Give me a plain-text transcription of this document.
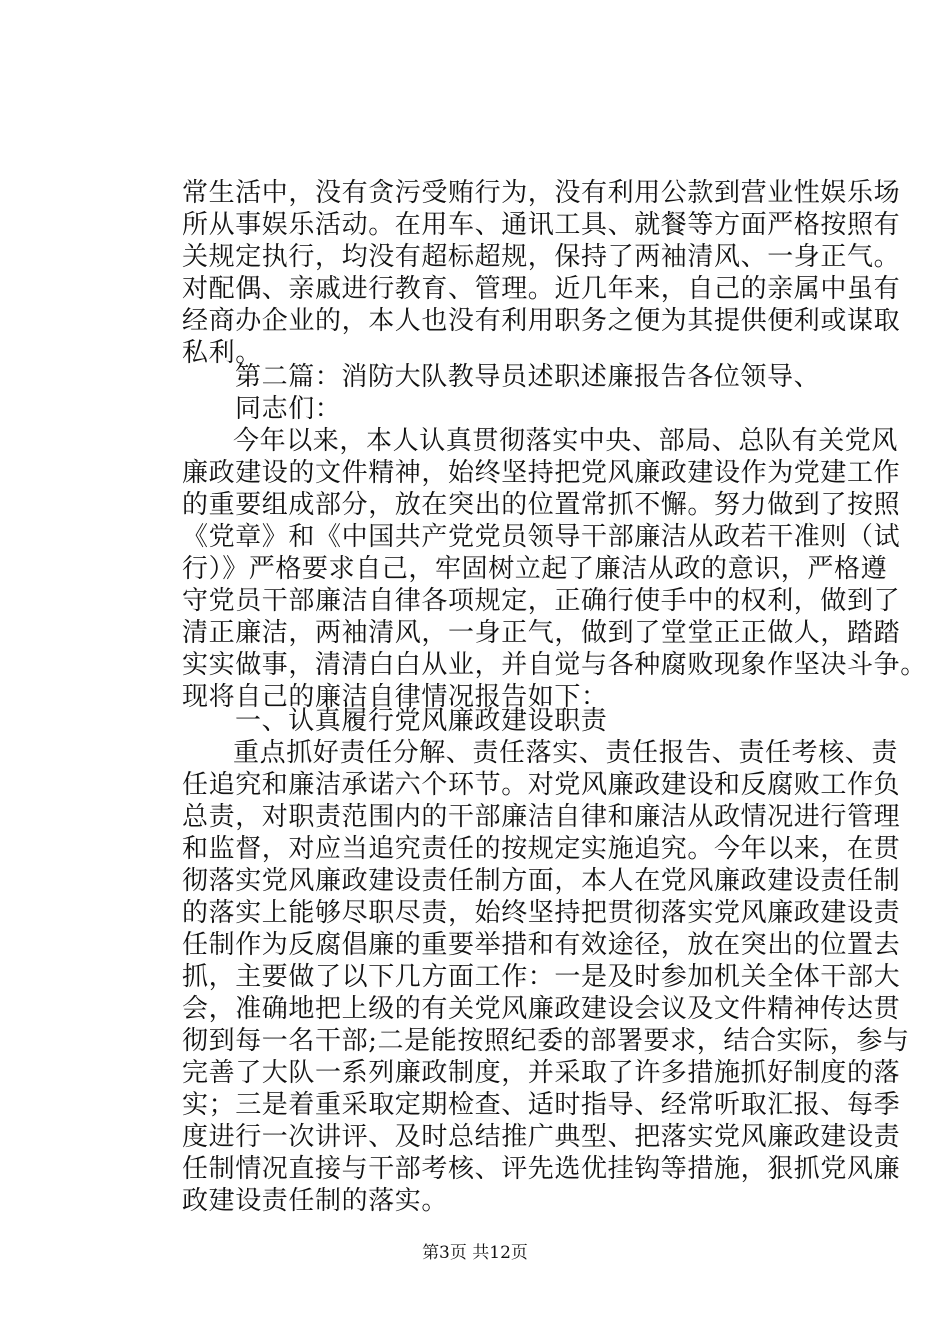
常生活中，没有贪污受贿行为，没有利用公款到营业性娱乐场
所从事娱乐活动。在用车、通讯工具、就餐等方面严格按照有
关规定执行，均没有超标超规，保持了两袖清风、一身正气。
对配偶、亲戚进行教育、管理。近几年来，自己的亲属中虽有
经商办企业的，本人也没有利用职务之便为其提供便利或谋取
私利。
第二篇：消防大队教导员述职述廉报告各位领导、
同志们：
今年以来，本人认真贯彻落实中央、部局、总队有关党风
廉政建设的文件精神，始终坚持把党风廉政建设作为党建工作
的重要组成部分，放在突出的位置常抓不懈。努力做到了按照
《党章》和《中国共产党党员领导干部廉洁从政若干准则（试
行）》严格要求自己，牢固树立起了廉洁从政的意识，严格遵
守党员干部廉洁自律各项规定，正确行使手中的权利，做到了
清正廉洁，两袖清风，一身正气，做到了堂堂正正做人，踏踏
实实做事，清清白白从业，并自觉与各种腐败现象作坚决斗争。
现将自己的廉洁自律情况报告如下：
一、认真履行党风廉政建设职责
重点抓好责任分解、责任落实、责任报告、责任考核、责
任追究和廉洁承诺六个环节。对党风廉政建设和反腐败工作负
总责，对职责范围内的干部廉洁自律和廉洁从政情况进行管理
和监督，对应当追究责任的按规定实施追究。今年以来，在贯
彻落实党风廉政建设责任制方面，本人在党风廉政建设责任制
的落实上能够尽职尽责，始终坚持把贯彻落实党风廉政建设责
任制作为反腐倡廉的重要举措和有效途径，放在突出的位置去
抓，主要做了以下几方面工作：一是及时参加机关全体干部大
会，准确地把上级的有关党风廉政建设会议及文件精神传达贯
彻到每一名干部;二是能按照纪委的部署要求，结合实际，参与
完善了大队一系列廉政制度，并采取了许多措施抓好制度的落
实；三是着重采取定期检查、适时指导、经常听取汇报、每季
度进行一次讲评、及时总结推广典型、把落实党风廉政建设责
任制情况直接与干部考核、评先选优挂钩等措施，狠抓党风廉
政建设责任制的落实。
第3页 共12页
